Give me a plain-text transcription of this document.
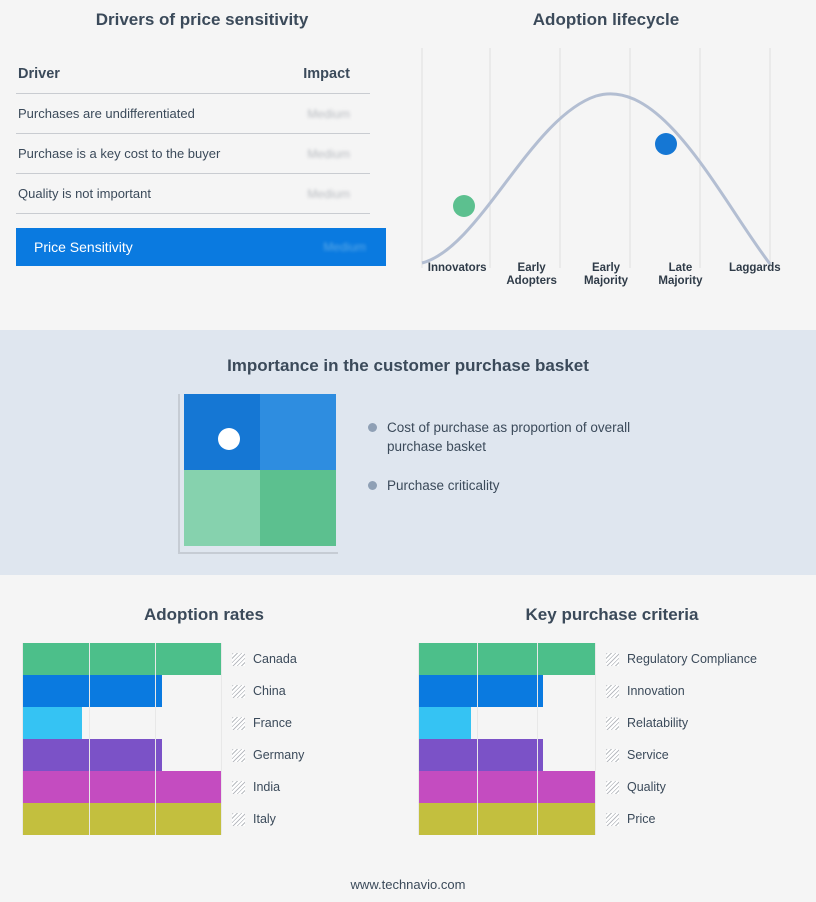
Drivers of price sensitivity
Driver	Impact
Purchases are undifferentiated	Medium
Purchase is a key cost to the buyer	Medium
Quality is not important	Medium
Price Sensitivity	Medium
Adoption lifecycle
Innovators	Early
Adopters
Early
Majority
Late
Majority
Laggards
Importance in the customer purchase basket
Cost of purchase as proportion of overall purchase basket
Purchase criticality
Adoption rates
Canada
China
France
Germany
India
Italy
Key purchase criteria
Regulatory Compliance
Innovation
Relatability
Service
Quality
Price
www.technavio.com
